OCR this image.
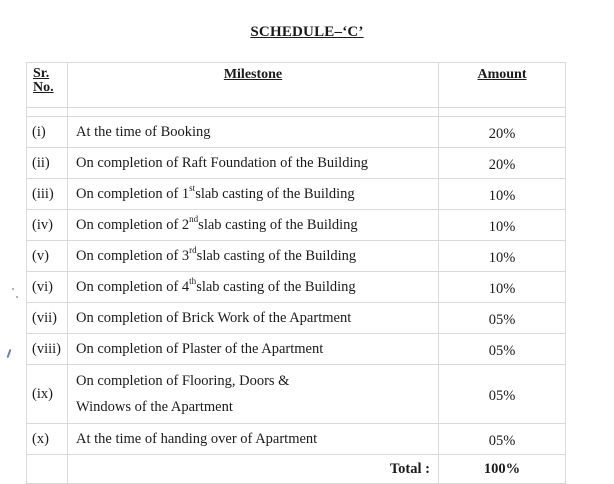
SCHEDULE–‘C’
Sr.
No.	Milestone	Amount

(i)	At the time of Booking	20%
(ii)	On completion of Raft Foundation of the Building	20%
(iii)	On completion of 1stslab casting of the Building	10%
(iv)	On completion of 2ndslab casting of the Building	10%
(v)	On completion of 3rdslab casting of the Building	10%
(vi)	On completion of 4thslab casting of the Building	10%
(vii)	On completion of Brick Work of the Apartment	05%
(viii)	On completion of Plaster of the Apartment	05%
(ix)	On completion of Flooring, Doors &
Windows of the Apartment	05%
(x)	At the time of handing over of Apartment	05%
	Total :	100%
